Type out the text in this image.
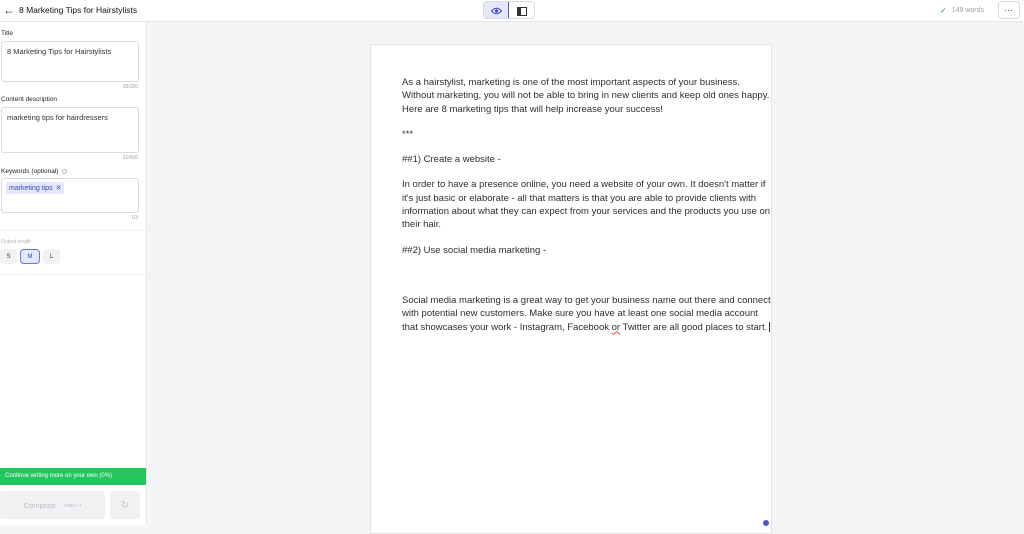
← 8 Marketing Tips for Hairstylists	✓ 149 words ⋯
Title
8 Marketing Tips for Hairstylists
33/150
Content description
marketing tips for hairdressers
31/600
Keywords (optional)
marketing tips ✕
1/3
Output length
S	M	L
Continue writing more on your own (0%)
Compose CMD + J	↻

As a hairstylist, marketing is one of the most important aspects of your business. Without marketing, you will not be able to bring in new clients and keep old ones happy. Here are 8 marketing tips that will help increase your success!

***

##1) Create a website -

In order to have a presence online, you need a website of your own. It doesn't matter if it's just basic or elaborate - all that matters is that you are able to provide clients with information about what they can expect from your services and the products you use on their hair.

##2) Use social media marketing -

Social media marketing is a great way to get your business name out there and connect with potential new customers. Make sure you have at least one social media account that showcases your work - Instagram, Facebook or Twitter are all good places to start.
